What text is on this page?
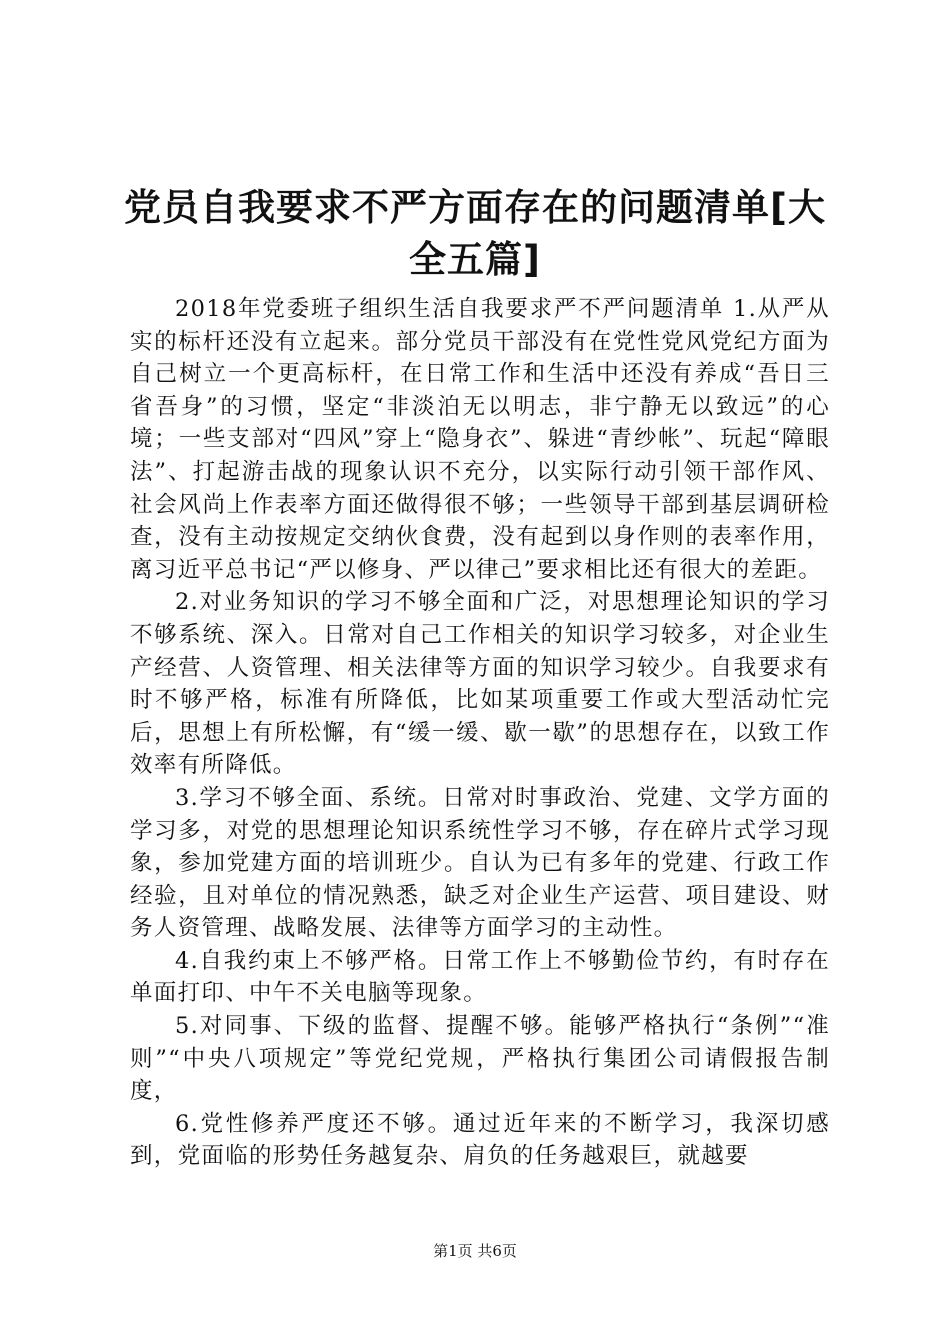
党员自我要求不严方面存在的问题清单[大全五篇]

2018年党委班子组织生活自我要求严不严问题清单 1.从严从实的标杆还没有立起来。部分党员干部没有在党性党风党纪方面为自己树立一个更高标杆，在日常工作和生活中还没有养成“吾日三省吾身”的习惯，坚定“非淡泊无以明志，非宁静无以致远”的心境；一些支部对“四风”穿上“隐身衣”、躲进“青纱帐”、玩起“障眼法”、打起游击战的现象认识不充分，以实际行动引领干部作风、社会风尚上作表率方面还做得很不够；一些领导干部到基层调研检查，没有主动按规定交纳伙食费，没有起到以身作则的表率作用，离习近平总书记“严以修身、严以律己”要求相比还有很大的差距。

2.对业务知识的学习不够全面和广泛，对思想理论知识的学习不够系统、深入。日常对自己工作相关的知识学习较多，对企业生产经营、人资管理、相关法律等方面的知识学习较少。自我要求有时不够严格，标准有所降低，比如某项重要工作或大型活动忙完后，思想上有所松懈，有“缓一缓、歇一歇”的思想存在，以致工作效率有所降低。

3.学习不够全面、系统。日常对时事政治、党建、文学方面的学习多，对党的思想理论知识系统性学习不够，存在碎片式学习现象，参加党建方面的培训班少。自认为已有多年的党建、行政工作经验，且对单位的情况熟悉，缺乏对企业生产运营、项目建设、财务人资管理、战略发展、法律等方面学习的主动性。

4.自我约束上不够严格。日常工作上不够勤俭节约，有时存在单面打印、中午不关电脑等现象。

5.对同事、下级的监督、提醒不够。能够严格执行“条例”“准则”“中央八项规定”等党纪党规，严格执行集团公司请假报告制度，

6.党性修养严度还不够。通过近年来的不断学习，我深切感到，党面临的形势任务越复杂、肩负的任务越艰巨，就越要

第1页 共6页
